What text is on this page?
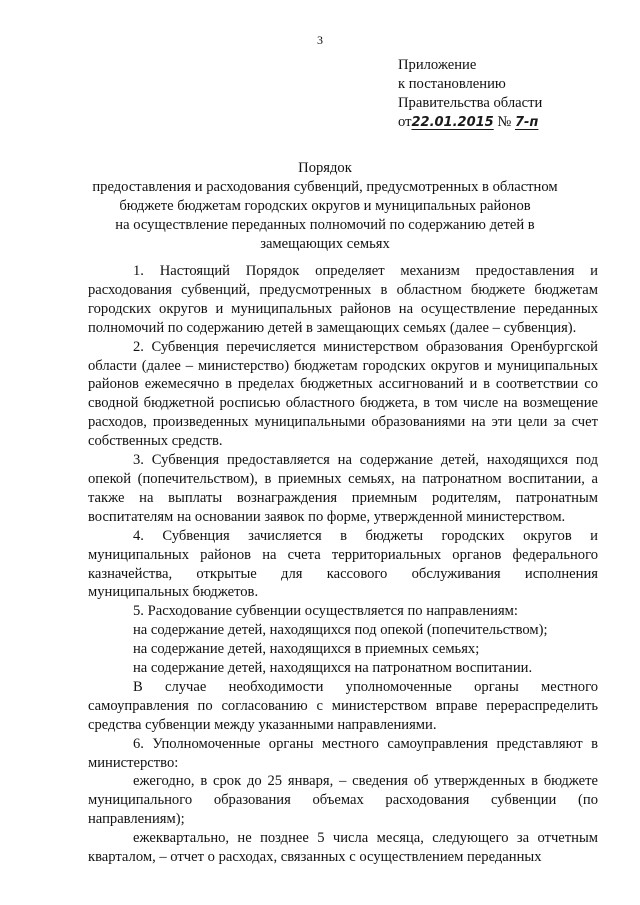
3
Приложение
к постановлению
Правительства области
от22.01.2015 № 7-п
Порядок
предоставления и расходования субвенций, предусмотренных в областном
бюджете бюджетам городских округов и муниципальных районов
на осуществление переданных полномочий по содержанию детей в
замещающих семьях

1. Настоящий Порядок определяет механизм предоставления и расходования субвенций, предусмотренных в областном бюджете бюджетам городских округов и муниципальных районов на осуществление переданных полномочий по содержанию детей в замещающих семьях (далее – субвенция).

2. Субвенция перечисляется министерством образования Оренбургской области (далее – министерство) бюджетам городских округов и муниципальных районов ежемесячно в пределах бюджетных ассигнований и в соответствии со сводной бюджетной росписью областного бюджета, в том числе на возмещение расходов, произведенных муниципальными образованиями на эти цели за счет собственных средств.

3. Субвенция предоставляется на содержание детей, находящихся под опекой (попечительством), в приемных семьях, на патронатном воспитании, а также на выплаты вознаграждения приемным родителям, патронатным воспитателям на основании заявок по форме, утвержденной министерством.

4. Субвенция зачисляется в бюджеты городских округов и муниципальных районов на счета территориальных органов федерального казначейства, открытые для кассового обслуживания исполнения муниципальных бюджетов.

5. Расходование субвенции осуществляется по направлениям:

на содержание детей, находящихся под опекой (попечительством);

на содержание детей, находящихся в приемных семьях;

на содержание детей, находящихся на патронатном воспитании.

В случае необходимости уполномоченные органы местного самоуправления по согласованию с министерством вправе перераспределить средства субвенции между указанными направлениями.

6. Уполномоченные органы местного самоуправления представляют в министерство:

ежегодно, в срок до 25 января, – сведения об утвержденных в бюджете муниципального образования объемах расходования субвенции (по направлениям);

ежеквартально, не позднее 5 числа месяца, следующего за отчетным кварталом, – отчет о расходах, связанных с осуществлением переданных
